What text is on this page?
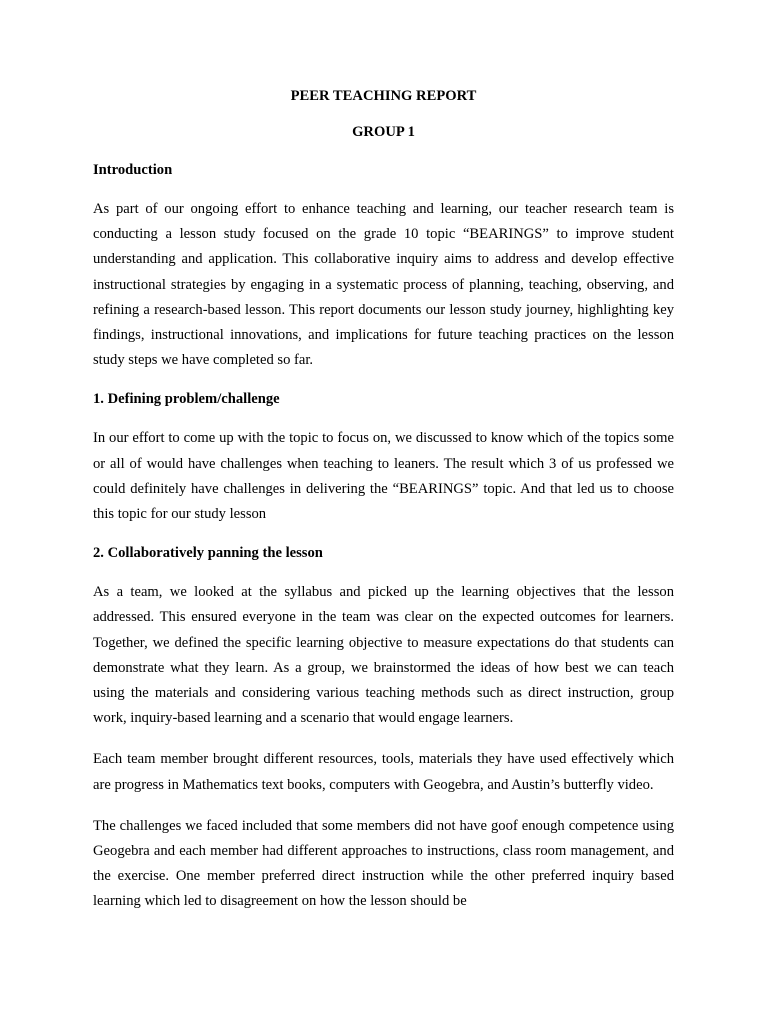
PEER TEACHING REPORT

GROUP 1

Introduction

As part of our ongoing effort to enhance teaching and learning, our teacher research team is conducting a lesson study focused on the grade 10 topic “BEARINGS” to improve student understanding and application. This collaborative inquiry aims to address and develop effective instructional strategies by engaging in a systematic process of planning, teaching, observing, and refining a research-based lesson. This report documents our lesson study journey, highlighting key findings, instructional innovations, and implications for future teaching practices on the lesson study steps we have completed so far.

1. Defining problem/challenge

In our effort to come up with the topic to focus on, we discussed to know which of the topics some or all of would have challenges when teaching to leaners. The result which 3 of us professed we could definitely have challenges in delivering the “BEARINGS” topic. And that led us to choose this topic for our study lesson

2. Collaboratively panning the lesson

As a team, we looked at the syllabus and picked up the learning objectives that the lesson addressed. This ensured everyone in the team was clear on the expected outcomes for learners. Together, we defined the specific learning objective to measure expectations do that students can demonstrate what they learn. As a group, we brainstormed the ideas of how best we can teach using the materials and considering various teaching methods such as direct instruction, group work, inquiry-based learning and a scenario that would engage learners.

Each team member brought different resources, tools, materials they have used effectively which are progress in Mathematics text books, computers with Geogebra, and Austin’s butterfly video.

The challenges we faced included that some members did not have goof enough competence using Geogebra and each member had different approaches to instructions, class room management, and the exercise. One member preferred direct instruction while the other preferred inquiry based learning which led to disagreement on how the lesson should be
